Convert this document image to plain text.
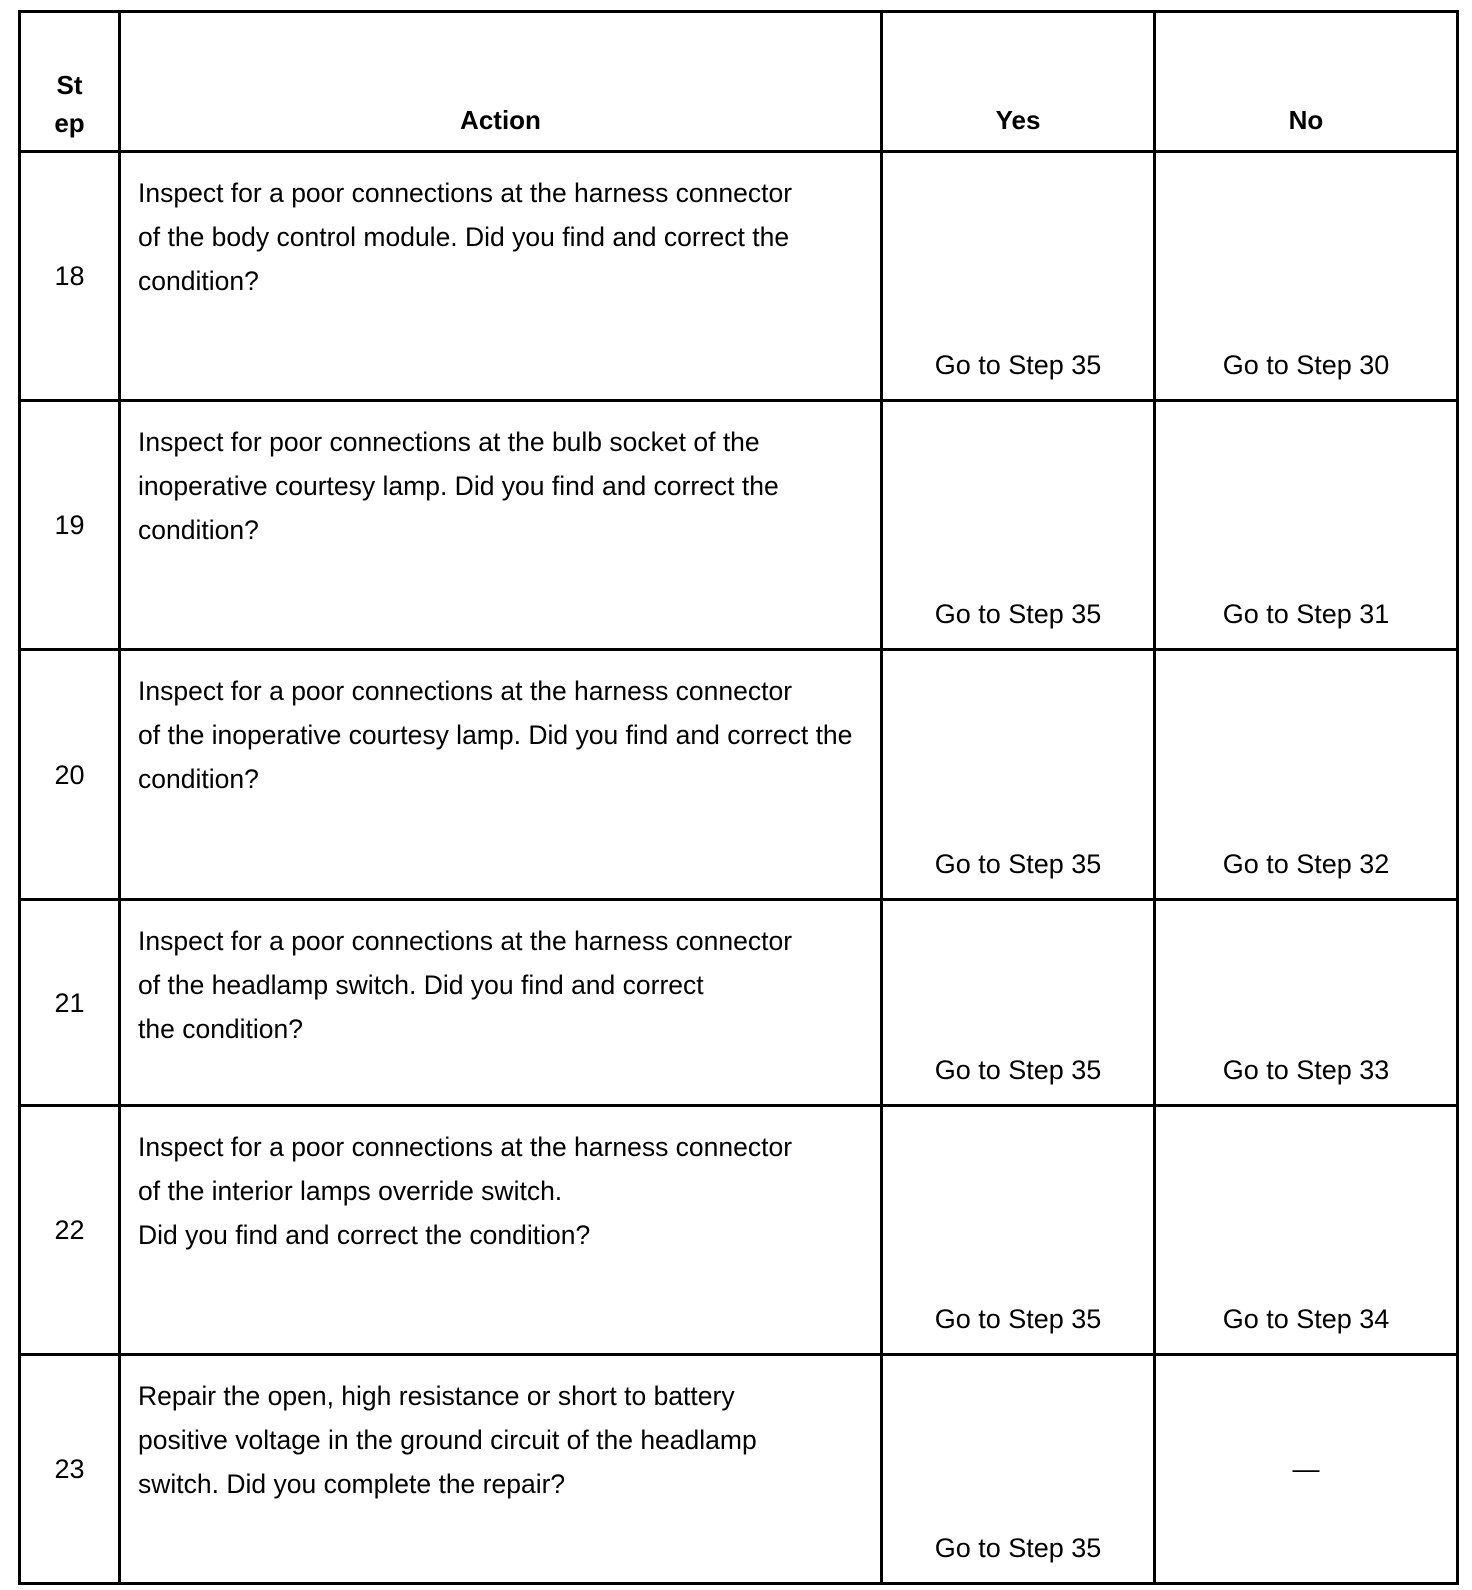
Step	Action	Yes	No
18	Inspect for a poor connections at the harness connector
of the body control module. Did you find and correct the
condition?	Go to Step 35	Go to Step 30
19	Inspect for poor connections at the bulb socket of the
inoperative courtesy lamp. Did you find and correct the
condition?	Go to Step 35	Go to Step 31
20	Inspect for a poor connections at the harness connector
of the inoperative courtesy lamp. Did you find and correct the
condition?	Go to Step 35	Go to Step 32
21	Inspect for a poor connections at the harness connector
of the headlamp switch. Did you find and correct
the condition?	Go to Step 35	Go to Step 33
22	Inspect for a poor connections at the harness connector
of the interior lamps override switch.
Did you find and correct the condition?	Go to Step 35	Go to Step 34
23	Repair the open, high resistance or short to battery
positive voltage in the ground circuit of the headlamp
switch. Did you complete the repair?	Go to Step 35	—
